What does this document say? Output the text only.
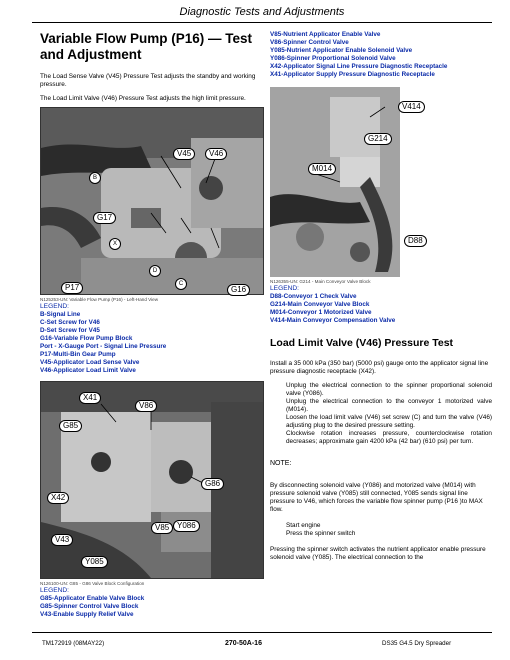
Diagnostic Tests and Adjustments
Variable Flow Pump (P16) — Test and Adjustment

The Load Sense Valve (V45) Pressure Test adjusts the standby and working pressure.

The Load Limit Valve (V46) Pressure Test adjusts the high limit pressure.

V45	V46
B
G17
X
D
C
P17	G16
N125253-UN: Variable Flow Pump (P16) - Left-Hand View
LEGEND:
B-Signal Line
C-Set Screw for V46
D-Set Screw for V45
G16-Variable Flow Pump Block
Port - X-Gauge Port - Signal Line Pressure
P17-Multi-Bin Gear Pump
V45-Applicator Load Sense Valve
V46-Applicator Load Limit Valve
X41
V86
G85
G86
X42
Y085
V85 Y086
V43
N126100-UN: G85 - G86 Valve Block Configuration
LEGEND:
G85-Applicator Enable Valve Block
G85-Spinner Control Valve Block
V43-Enable Supply Relief Valve
V85-Nutrient Applicator Enable Valve
V86-Spinner Control Valve
Y085-Nutrient Applicator Enable Solenoid Valve
Y086-Spinner Proportional Solenoid Valve
X42-Applicator Signal Line Pressure Diagnostic Receptacle
X41-Applicator Supply Pressure Diagnostic Receptacle
V414
G214
M014
D88
N126355-UN: G214 - Main Conveyor Valve Block
LEGEND:
D88-Conveyor 1 Check Valve
G214-Main Conveyor Valve Block
M014-Conveyor 1 Motorized Valve
V414-Main Conveyor Compensation Valve
Load Limit Valve (V46) Pressure Test

Install a 35 000 kPa (350 bar) (5000 psi) gauge onto the applicator signal line pressure diagnostic receptacle (X42).

Unplug the electrical connection to the spinner proportional solenoid valve (Y086).
Unplug the electrical connection to the conveyor 1 motorized valve (M014).
Loosen the load limit valve (V46) set screw (C) and turn the valve (V46) adjusting plug to the desired pressure setting.
Clockwise rotation increases pressure, counterclockwise rotation decreases; approximate gain 4200 kPa (42 bar) (610 psi) per turn.

NOTE:

By disconnecting solenoid valve (Y086) and motorized valve (M014) with pressure solenoid valve (Y085) still connected, Y085 sends signal line pressure to V46, which forces the variable flow spinner pump (P16 )to MAX flow.

Start engine
Press the spinner switch

Pressing the spinner switch activates the nutrient applicator enable pressure solenoid valve (Y085). The electrical connection to the

TM172919 (08MAY22)	270-50A-16	DS35 G4.5 Dry Spreader
